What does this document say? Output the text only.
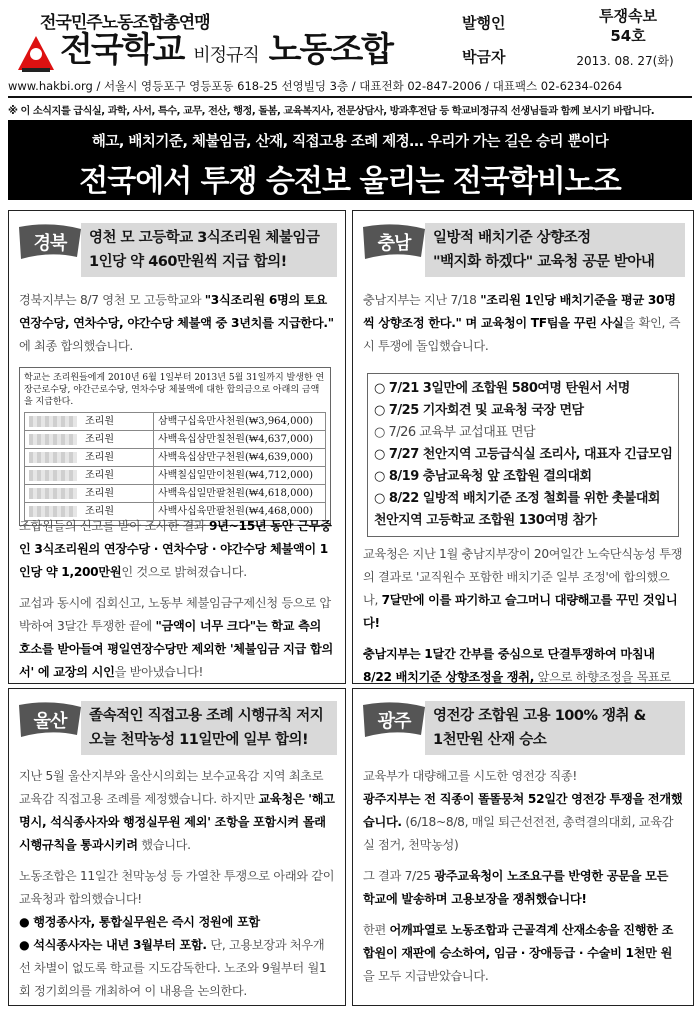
전국민주노동조합총연맹
전국학교 비정규직 노동조합
발행인
박금자
투쟁속보
54호
2013. 08. 27(화)
www.hakbi.org / 서울시 영등포구 영등포동 618-25 선영빌딩 3층 / 대표전화 02-847-2006 / 대표팩스 02-6234-0264
※ 이 소식지를 급식실, 과학, 사서, 특수, 교무, 전산, 행정, 돌봄, 교육복지사, 전문상담사, 방과후전담 등 학교비정규직 선생님들과 함께 보시기 바랍니다.
해고, 배치기준, 체불임금, 산재, 직접고용 조례 제정… 우리가 가는 길은 승리 뿐이다
전국에서 투쟁 승전보 울리는 전국학비노조
경북	영천 모 고등학교 3식조리원 체불임금
1인당 약 460만원씩 지급 합의!

경북지부는 8/7 영천 모 고등학교와 "3식조리원 6명의 토요연장수당, 연차수당, 야간수당 체불액 중 3년치를 지급한다." 에 최종 합의했습니다.

학교는 조리원들에게 2010년 6월 1일부터 2013년 5월 31일까지 발생한 연장근로수당, 야간근로수당, 연차수당 체불액에 대한 합의금으로 아래의 금액을 지급한다.
조리원	삼백구십육만사천원(₩3,964,000)
조리원	사백육십삼만칠천원(₩4,637,000)
조리원	사백육십삼만구천원(₩4,639,000)
조리원	사백칠십일만이천원(₩4,712,000)
조리원	사백육십일만팔천원(₩4,618,000)
조리원	사백사십육만팔천원(₩4,468,000)

조합원들의 신고를 받아 조사한 결과 9년~15년 동안 근무중인 3식조리원의 연장수당 · 연차수당 · 야간수당 체불액이 1인당 약 1,200만원인 것으로 밝혀졌습니다.

교섭과 동시에 집회신고, 노동부 체불임금구제신청 등으로 압박하여 3달간 투쟁한 끝에 "금액이 너무 크다"는 학교 측의 호소를 받아들여 평일연장수당만 제외한 '체불임금 지급 합의서' 에 교장의 시인을 받아냈습니다!

충남	일방적 배치기준 상향조정
"백지화 하겠다" 교육청 공문 받아내

충남지부는 지난 7/18 "조리원 1인당 배치기준을 평균 30명씩 상향조정 한다." 며 교육청이 TF팀을 꾸린 사실을 확인, 즉시 투쟁에 돌입했습니다.

○ 7/21 3일만에 조합원 580여명 탄원서 서명
○ 7/25 기자회견 및 교육청 국장 면담
○ 7/26 교육부 교섭대표 면담
○ 7/27 천안지역 고등급식실 조리사, 대표자 긴급모임
○ 8/19 충남교육청 앞 조합원 결의대회
○ 8/22 일방적 배치기준 조정 철회를 위한 촛불대회
천안지역 고등학교 조합원 130여명 참가

교육청은 지난 1월 충남지부장이 20여일간 노숙단식농성 투쟁의 결과로 '교직원수 포함한 배치기준 일부 조정'에 합의했으나, 7달만에 이를 파기하고 슬그머니 대량해고를 꾸민 것입니다!

충남지부는 1달간 간부를 중심으로 단결투쟁하여 마침내 8/22 배치기준 상향조정을 쟁취, 앞으로 하향조정을 목표로

울산	졸속적인 직접고용 조례 시행규칙 저지
오늘 천막농성 11일만에 일부 합의!

지난 5월 울산지부와 울산시의회는 보수교육감 지역 최초로 교육감 직접고용 조례를 제정했습니다. 하지만 교육청은 '해고 명시, 석식종사자와 행정실무원 제외' 조항을 포함시켜 몰래 시행규칙을 통과시키려 했습니다.

노동조합은 11일간 천막농성 등 가열찬 투쟁으로 아래와 같이 교육청과 합의했습니다!

● 행정종사자, 통합실무원은 즉시 정원에 포함
● 석식종사자는 내년 3월부터 포함. 단, 고용보장과 처우개선 차별이 없도록 학교를 지도감독한다. 노조와 9월부터 월1회 정기회의를 개최하여 이 내용을 논의한다.
광주	영전강 조합원 고용 100% 쟁취 &
1천만원 산재 승소

교육부가 대량해고를 시도한 영전강 직종!

광주지부는 전 직종이 똘똘뭉쳐 52일간 영전강 투쟁을 전개했습니다. (6/18~8/8, 매일 퇴근선전전, 총력결의대회, 교육감실 점거, 천막농성)

그 결과 7/25 광주교육청이 노조요구를 반영한 공문을 모든 학교에 발송하며 고용보장을 쟁취했습니다!

한편 어깨파열로 노동조합과 근골격계 산재소송을 진행한 조합원이 재판에 승소하여, 임금 · 장애등급 · 수술비 1천만 원을 모두 지급받았습니다.
